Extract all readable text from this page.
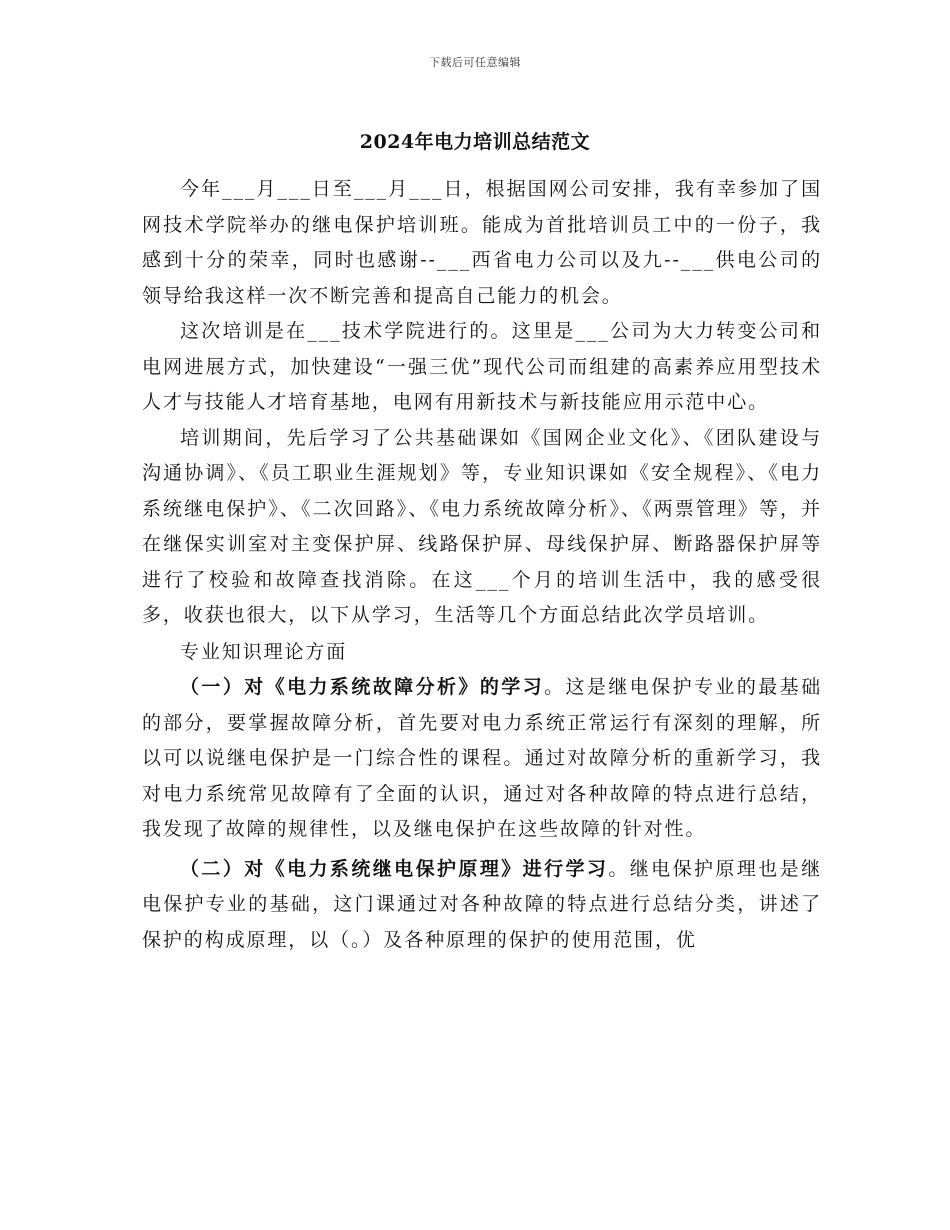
下载后可任意编辑
2024年电力培训总结范文

今年___月___日至___月___日，根据国网公司安排，我有幸参加了国网技术学院举办的继电保护培训班。能成为首批培训员工中的一份子，我感到十分的荣幸，同时也感谢--___西省电力公司以及九--___供电公司的领导给我这样一次不断完善和提高自己能力的机会。

这次培训是在___技术学院进行的。这里是___公司为大力转变公司和电网进展方式，加快建设“一强三优”现代公司而组建的高素养应用型技术人才与技能人才培育基地，电网有用新技术与新技能应用示范中心。

培训期间，先后学习了公共基础课如《国网企业文化》、《团队建设与沟通协调》、《员工职业生涯规划》等，专业知识课如《安全规程》、《电力系统继电保护》、《二次回路》、《电力系统故障分析》、《两票管理》等，并在继保实训室对主变保护屏、线路保护屏、母线保护屏、断路器保护屏等进行了校验和故障查找消除。在这___个月的培训生活中，我的感受很多，收获也很大，以下从学习，生活等几个方面总结此次学员培训。

专业知识理论方面

（一）对《电力系统故障分析》的学习。这是继电保护专业的最基础的部分，要掌握故障分析，首先要对电力系统正常运行有深刻的理解，所以可以说继电保护是一门综合性的课程。通过对故障分析的重新学习，我对电力系统常见故障有了全面的认识，通过对各种故障的特点进行总结，我发现了故障的规律性，以及继电保护在这些故障的针对性。

（二）对《电力系统继电保护原理》进行学习。继电保护原理也是继电保护专业的基础，这门课通过对各种故障的特点进行总结分类，讲述了保护的构成原理，以（。）及各种原理的保护的使用范围，优
